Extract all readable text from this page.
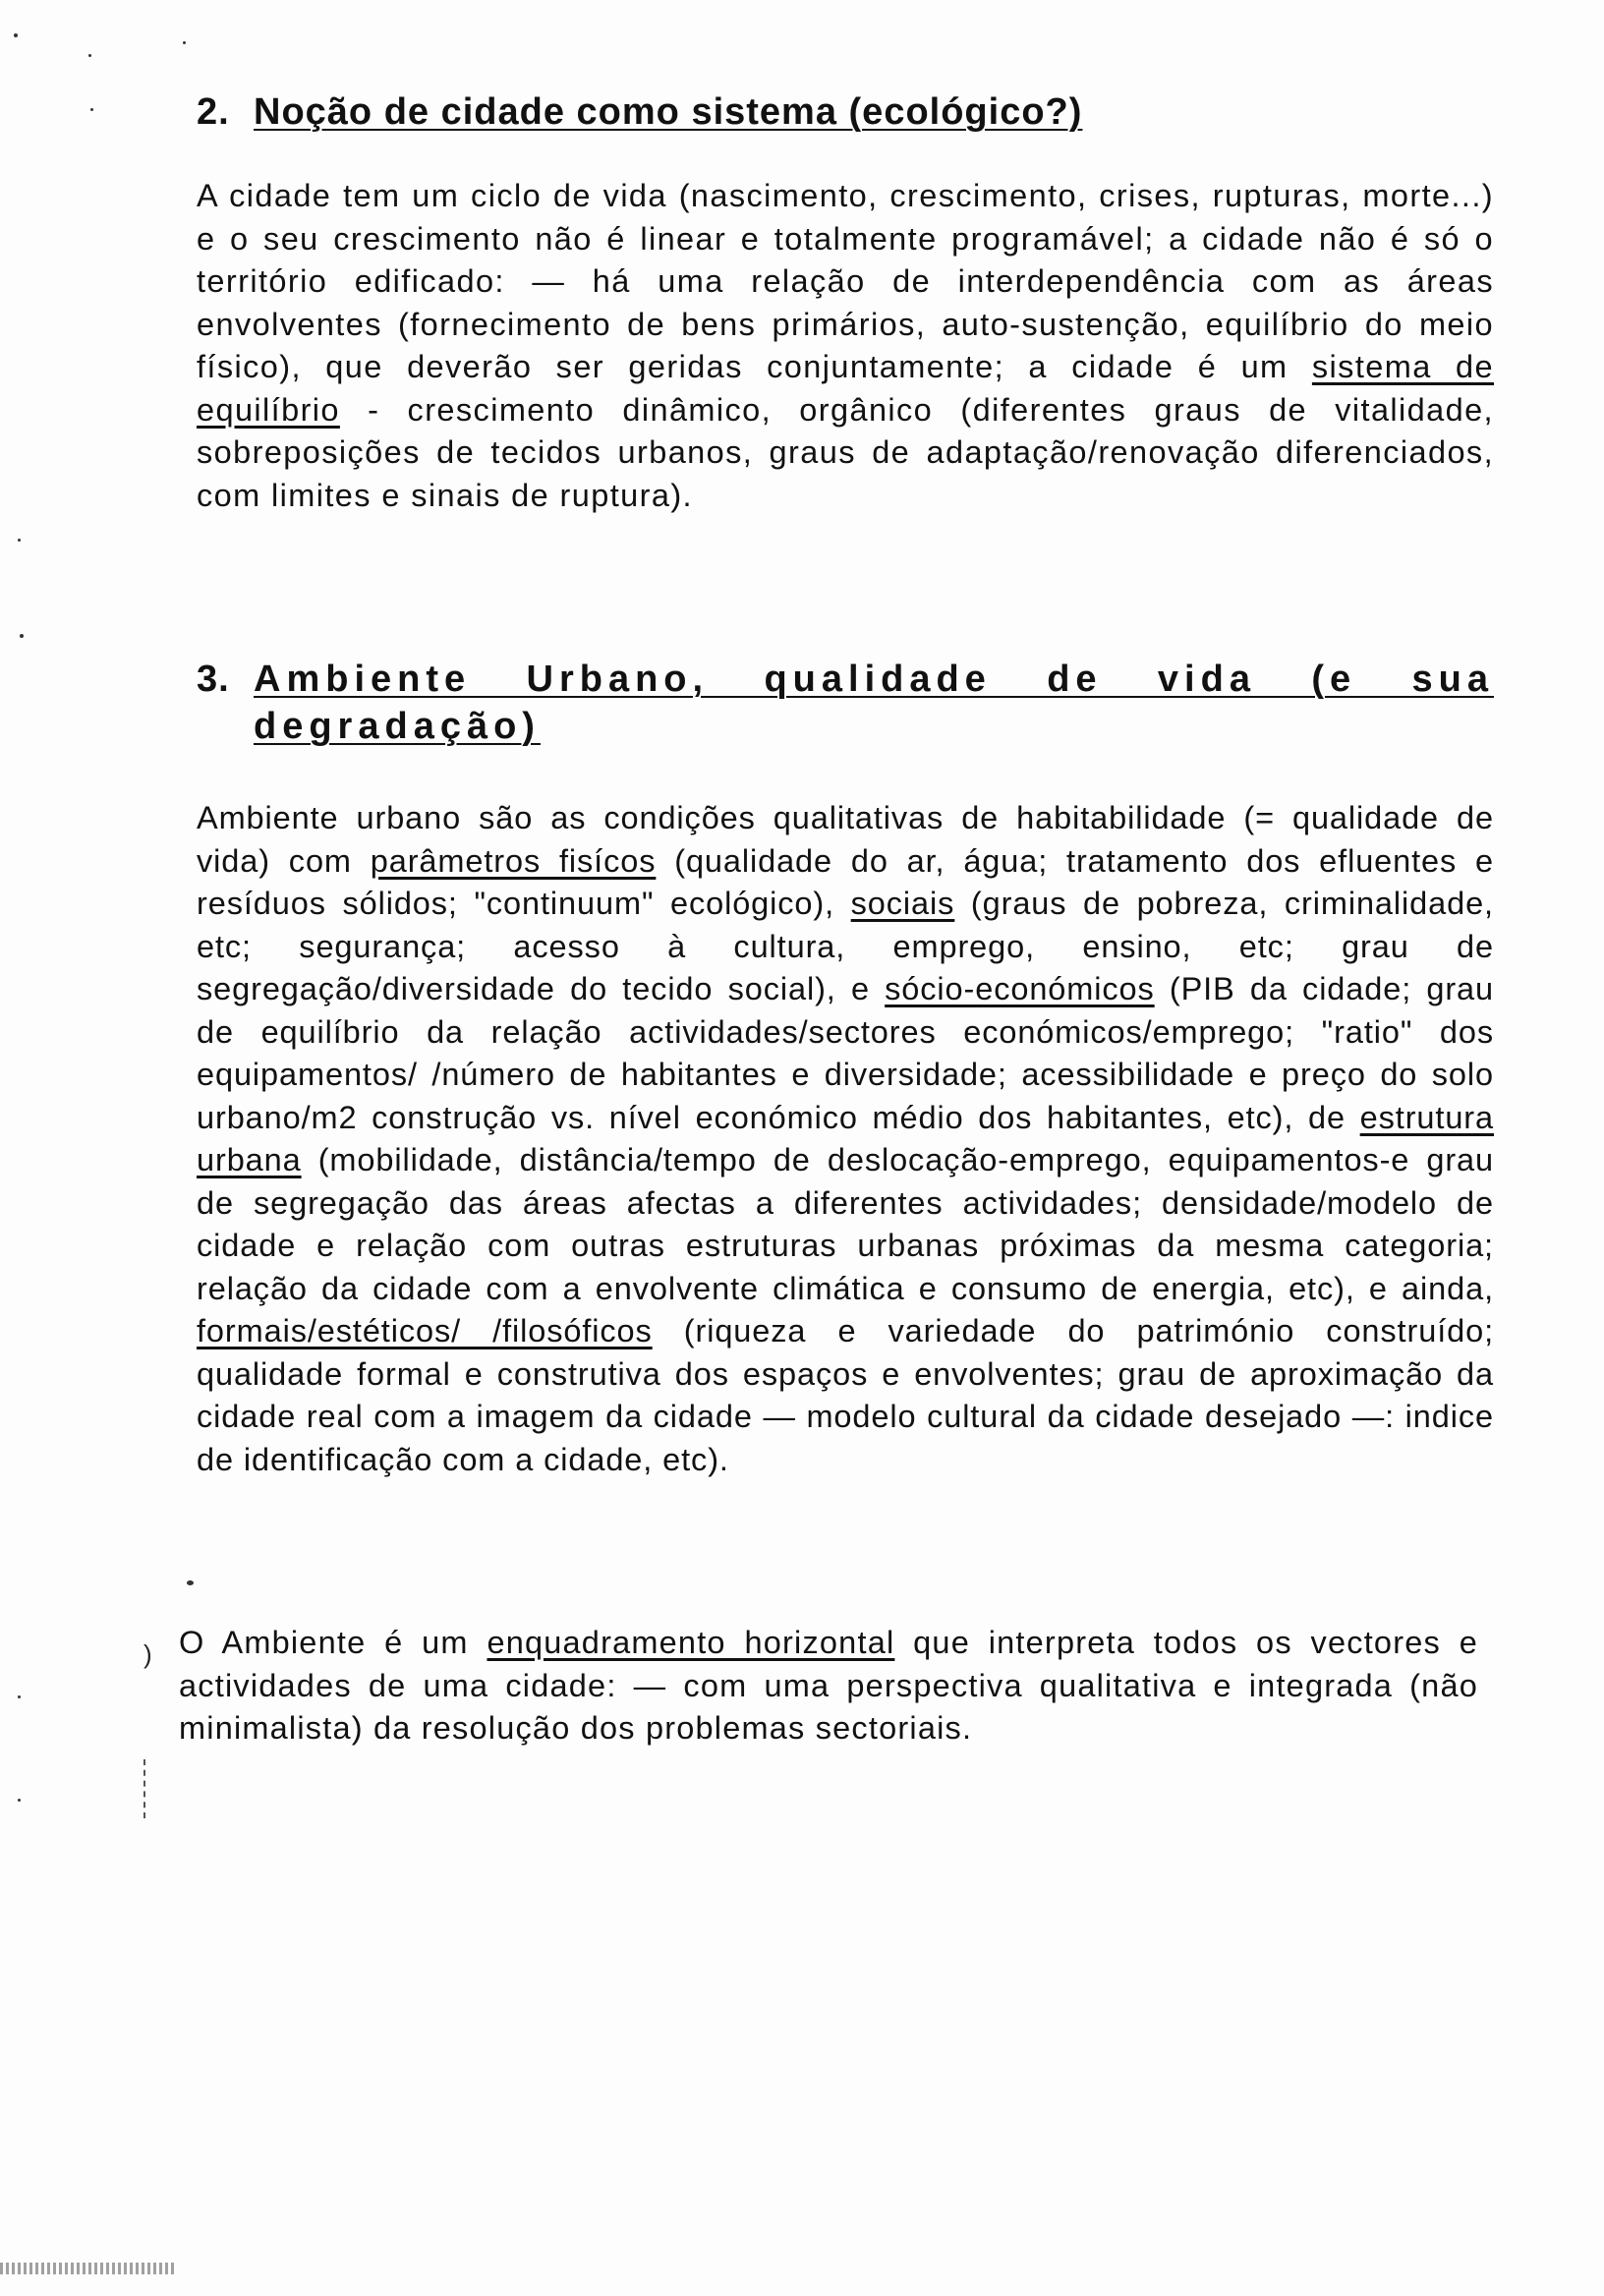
)
2. Noção de cidade como sistema (ecológico?)

A cidade tem um ciclo de vida (nascimento, crescimento, crises, rupturas, morte...) e o seu crescimento não é linear e totalmente programável; a cidade não é só o território edificado: — há uma relação de interdependência com as áreas envolventes (fornecimento de bens primários, auto-sustenção, equilíbrio do meio físico), que deverão ser geridas conjuntamente; a cidade é um sistema de equilíbrio - crescimento dinâmico, orgânico (diferentes graus de vitalidade, sobreposições de tecidos urbanos, graus de adaptação/renovação diferenciados, com limites e sinais de ruptura).

3. Ambiente Urbano, qualidade de vida (e sua degradação)

Ambiente urbano são as condições qualitativas de habitabilidade (= qualidade de vida) com parâmetros fisícos (qualidade do ar, água; tratamento dos efluentes e resíduos sólidos; "continuum" ecológico), sociais (graus de pobreza, criminalidade, etc; segurança; acesso à cultura, emprego, ensino, etc; grau de segregação/diversidade do tecido social), e sócio-económicos (PIB da cidade; grau de equilíbrio da relação actividades/sectores económicos/emprego; "ratio" dos equipamentos/ /número de habitantes e diversidade; acessibilidade e preço do solo urbano/m2 construção vs. nível económico médio dos habitantes, etc), de estrutura urbana (mobilidade, distância/tempo de deslocação-emprego, equipamentos-e grau de segregação das áreas afectas a diferentes actividades; densidade/modelo de cidade e relação com outras estruturas urbanas próximas da mesma categoria; relação da cidade com a envolvente climática e consumo de energia, etc), e ainda, formais/estéticos/ /filosóficos (riqueza e variedade do património construído; qualidade formal e construtiva dos espaços e envolventes; grau de aproximação da cidade real com a imagem da cidade — modelo cultural da cidade desejado —: indice de identificação com a cidade, etc).

O Ambiente é um enquadramento horizontal que interpreta todos os vectores e actividades de uma cidade: — com uma perspectiva qualitativa e integrada (não minimalista) da resolução dos problemas sectoriais.
